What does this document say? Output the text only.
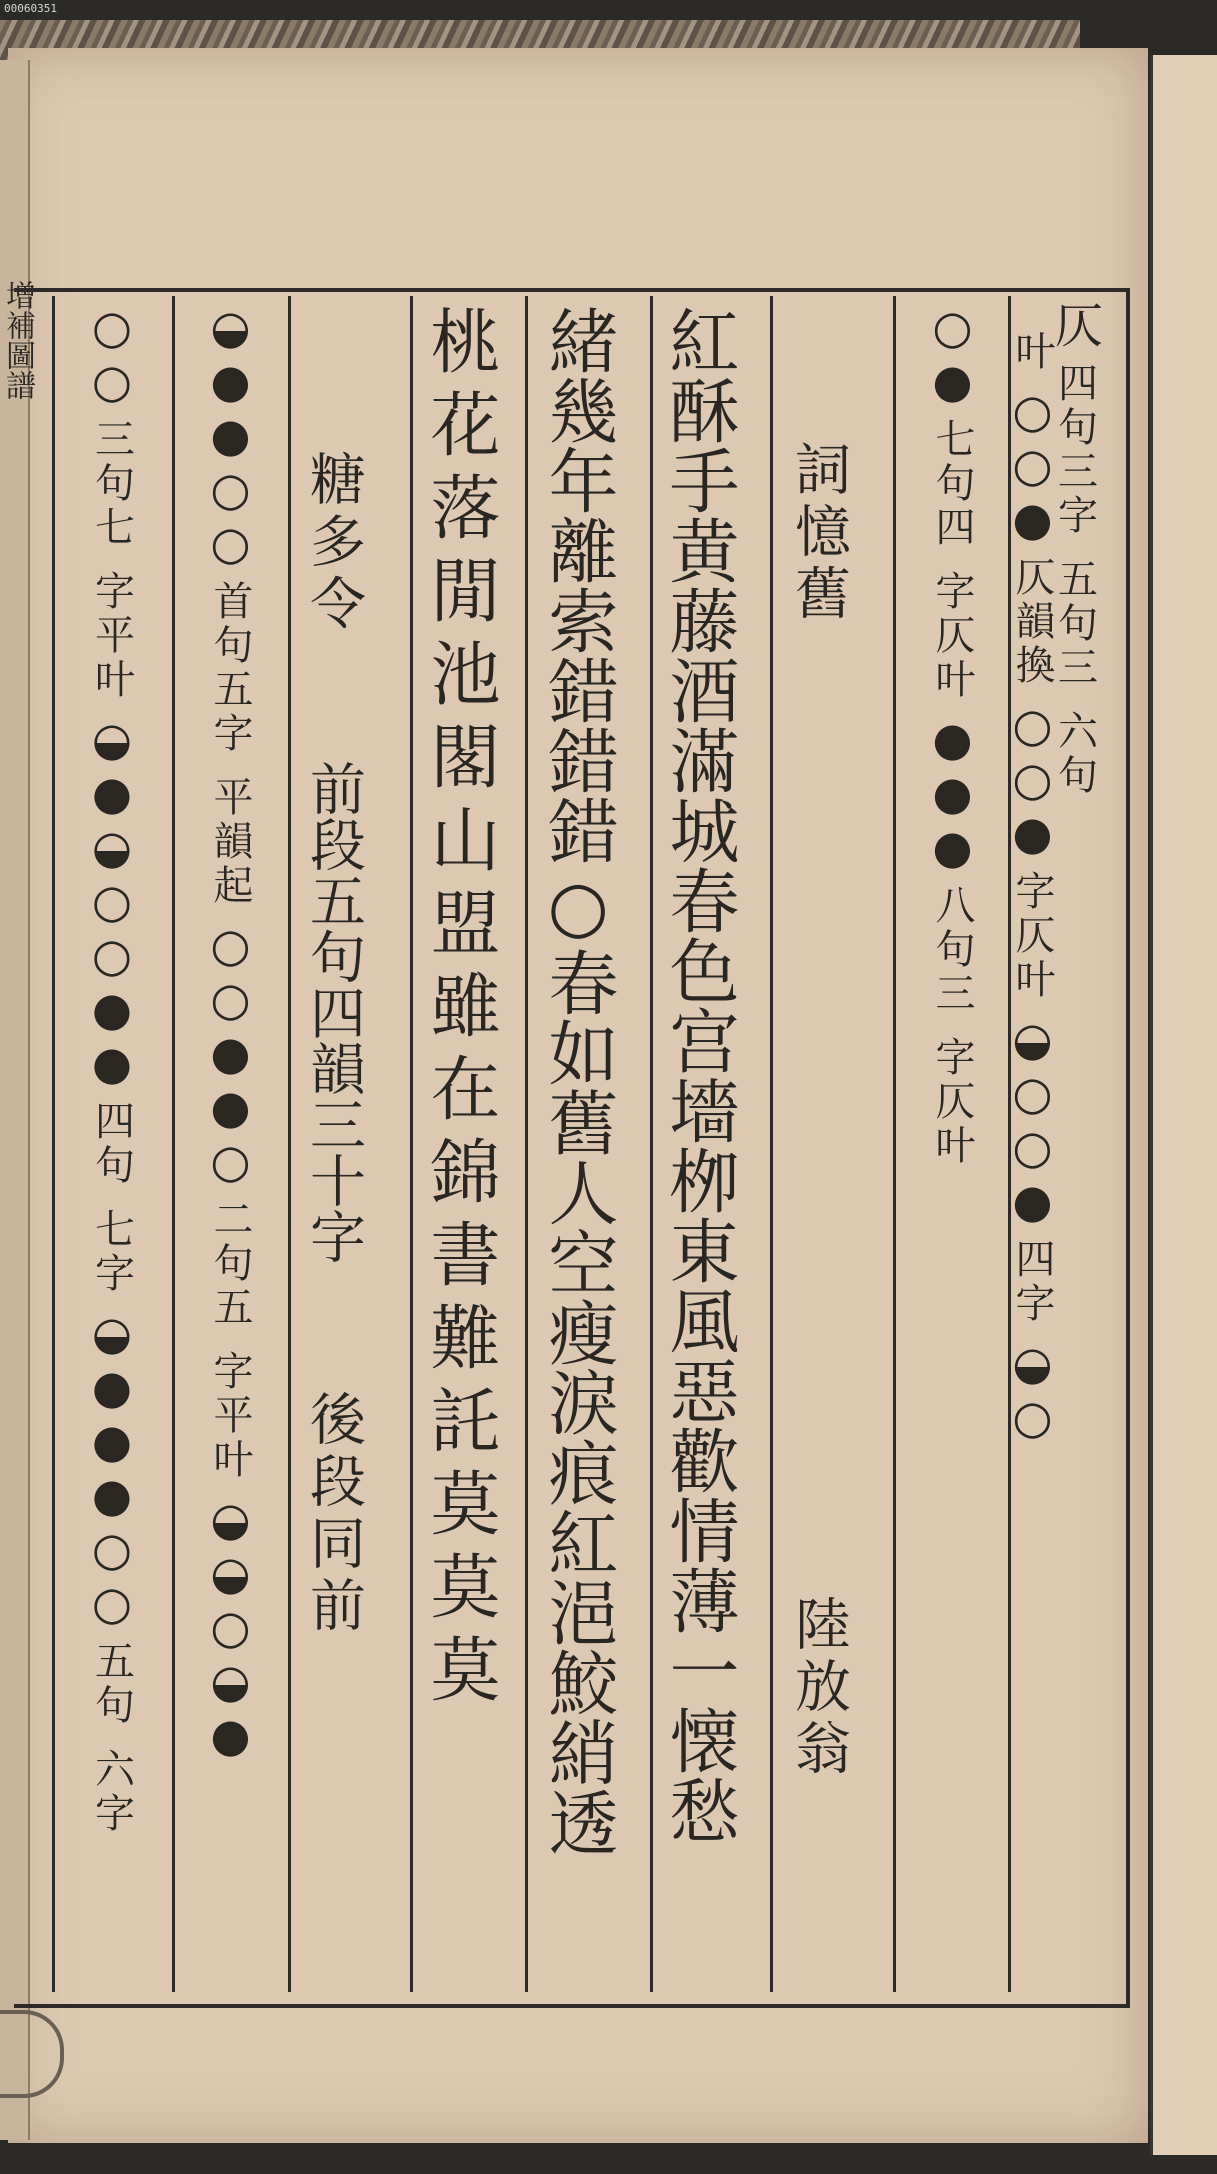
00060351
增補圖譜	仄
四句三字
五句三
六句
叶
○
○
●
仄韻換
○
○
●
字仄叶
◒
○
○
●
四字
◒
○
○
●
七句四
字仄叶
●
●
●
八句三
字仄叶
詞憶舊
陸放翁
紅酥手黄藤酒滿城春色宫墻栁東風惡歡情薄一懐愁
緒幾年離索錯錯錯○春如舊人空瘦淚痕紅浥鮫綃透
桃花落閒池閣山盟雖在錦書難託莫莫莫
糖多令
前段五句四韻三十字
後段同前
◒
●
●
○
○
首句五字
平韻起
○
○
●
●
○
二句五
字平叶
◒
◒
○
◒
●
○
○
三句七
字平叶
◒
●
◒
○
○
●
●
四句
七字
◒
●
●
●
○
○
五句
六字
